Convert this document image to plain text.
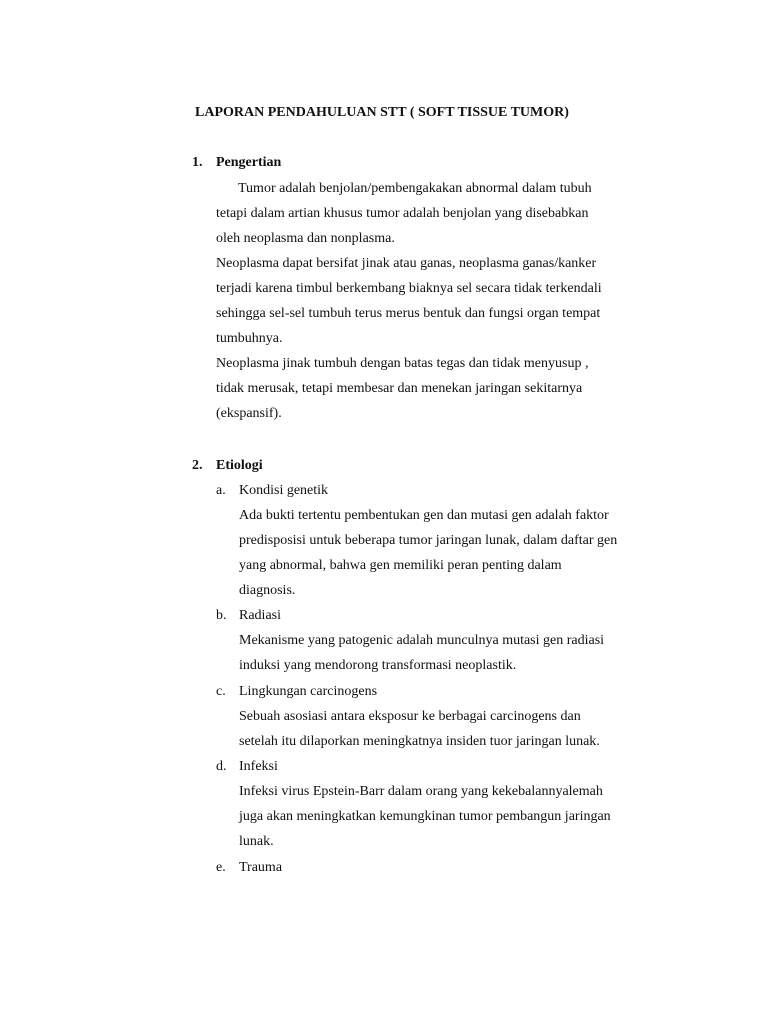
LAPORAN PENDAHULUAN STT ( SOFT TISSUE TUMOR)

1. Pengertian

Tumor adalah benjolan/pembengakakan abnormal dalam tubuh

tetapi dalam artian khusus tumor adalah benjolan yang disebabkan

oleh neoplasma dan nonplasma.

Neoplasma dapat bersifat jinak atau ganas, neoplasma ganas/kanker

terjadi karena timbul berkembang biaknya sel secara tidak terkendali

sehingga sel-sel tumbuh terus merus bentuk dan fungsi organ tempat

tumbuhnya.

Neoplasma jinak tumbuh dengan batas tegas dan tidak menyusup ,

tidak merusak, tetapi membesar dan menekan jaringan sekitarnya

(ekspansif).

2. Etiologi

a. Kondisi genetik

Ada bukti tertentu pembentukan gen dan mutasi gen adalah faktor

predisposisi untuk beberapa tumor jaringan lunak, dalam daftar gen

yang abnormal, bahwa gen memiliki peran penting dalam

diagnosis.

b. Radiasi

Mekanisme yang patogenic adalah munculnya mutasi gen radiasi

induksi yang mendorong transformasi neoplastik.

c. Lingkungan carcinogens

Sebuah asosiasi antara eksposur ke berbagai carcinogens dan

setelah itu dilaporkan meningkatnya insiden tuor jaringan lunak.

d. Infeksi

Infeksi virus Epstein-Barr dalam orang yang kekebalannyalemah

juga akan meningkatkan kemungkinan tumor pembangun jaringan

lunak.

e. Trauma
